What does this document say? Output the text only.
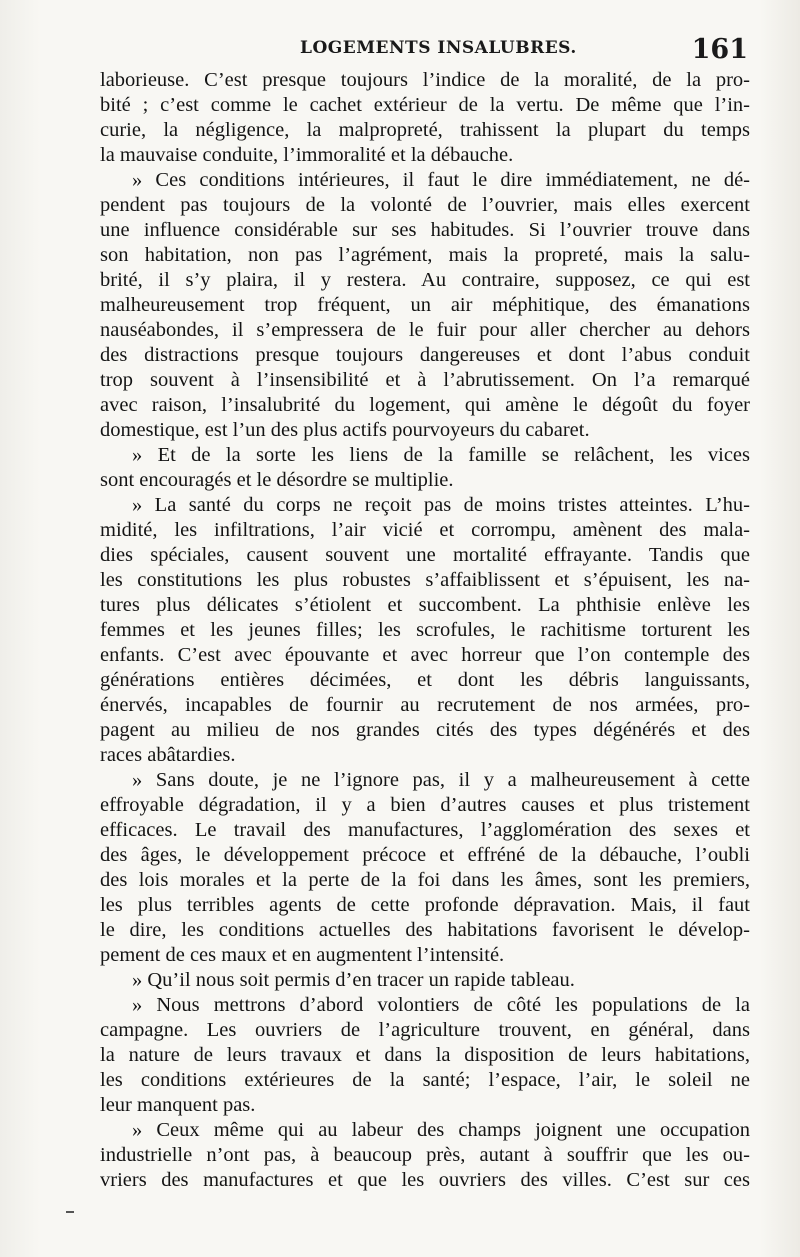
LOGEMENTS INSALUBRES.	161
laborieuse. C’est presque toujours l’indice de la moralité, de la pro-
bité ; c’est comme le cachet extérieur de la vertu. De même que l’in-
curie, la négligence, la malpropreté, trahissent la plupart du temps
la mauvaise conduite, l’immoralité et la débauche.
» Ces conditions intérieures, il faut le dire immédiatement, ne dé-
pendent pas toujours de la volonté de l’ouvrier, mais elles exercent
une influence considérable sur ses habitudes. Si l’ouvrier trouve dans
son habitation, non pas l’agrément, mais la propreté, mais la salu-
brité, il s’y plaira, il y restera. Au contraire, supposez, ce qui est
malheureusement trop fréquent, un air méphitique, des émanations
nauséabondes, il s’empressera de le fuir pour aller chercher au dehors
des distractions presque toujours dangereuses et dont l’abus conduit
trop souvent à l’insensibilité et à l’abrutissement. On l’a remarqué
avec raison, l’insalubrité du logement, qui amène le dégoût du foyer
domestique, est l’un des plus actifs pourvoyeurs du cabaret.
» Et de la sorte les liens de la famille se relâchent, les vices
sont encouragés et le désordre se multiplie.
» La santé du corps ne reçoit pas de moins tristes atteintes. L’hu-
midité, les infiltrations, l’air vicié et corrompu, amènent des mala-
dies spéciales, causent souvent une mortalité effrayante. Tandis que
les constitutions les plus robustes s’affaiblissent et s’épuisent, les na-
tures plus délicates s’étiolent et succombent. La phthisie enlève les
femmes et les jeunes filles; les scrofules, le rachitisme torturent les
enfants. C’est avec épouvante et avec horreur que l’on contemple des
générations entières décimées, et dont les débris languissants,
énervés, incapables de fournir au recrutement de nos armées, pro-
pagent au milieu de nos grandes cités des types dégénérés et des
races abâtardies.
» Sans doute, je ne l’ignore pas, il y a malheureusement à cette
effroyable dégradation, il y a bien d’autres causes et plus tristement
efficaces. Le travail des manufactures, l’agglomération des sexes et
des âges, le développement précoce et effréné de la débauche, l’oubli
des lois morales et la perte de la foi dans les âmes, sont les premiers,
les plus terribles agents de cette profonde dépravation. Mais, il faut
le dire, les conditions actuelles des habitations favorisent le dévelop-
pement de ces maux et en augmentent l’intensité.
» Qu’il nous soit permis d’en tracer un rapide tableau.
» Nous mettrons d’abord volontiers de côté les populations de la
campagne. Les ouvriers de l’agriculture trouvent, en général, dans
la nature de leurs travaux et dans la disposition de leurs habitations,
les conditions extérieures de la santé; l’espace, l’air, le soleil ne
leur manquent pas.
» Ceux même qui au labeur des champs joignent une occupation
industrielle n’ont pas, à beaucoup près, autant à souffrir que les ou-
vriers des manufactures et que les ouvriers des villes. C’est sur ces
